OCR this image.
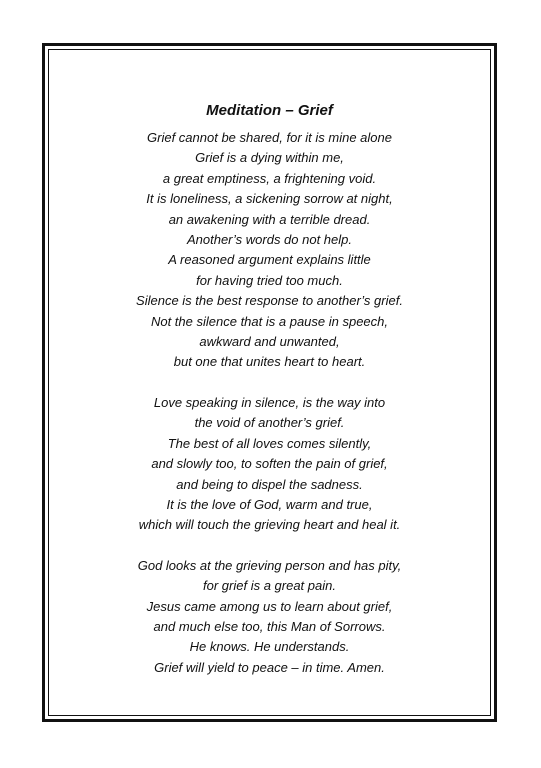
Meditation – Grief
Grief cannot be shared, for it is mine alone
Grief is a dying within me,
a great emptiness, a frightening void.
It is loneliness, a sickening sorrow at night,
an awakening with a terrible dread.
Another’s words do not help.
A reasoned argument explains little
for having tried too much.
Silence is the best response to another’s grief.
Not the silence that is a pause in speech,
awkward and unwanted,
but one that unites heart to heart.
Love speaking in silence, is the way into
the void of another’s grief.
The best of all loves comes silently,
and slowly too, to soften the pain of grief,
and being to dispel the sadness.
It is the love of God, warm and true,
which will touch the grieving heart and heal it.
God looks at the grieving person and has pity,
for grief is a great pain.
Jesus came among us to learn about grief,
and much else too, this Man of Sorrows.
He knows. He understands.
Grief will yield to peace – in time. Amen.
